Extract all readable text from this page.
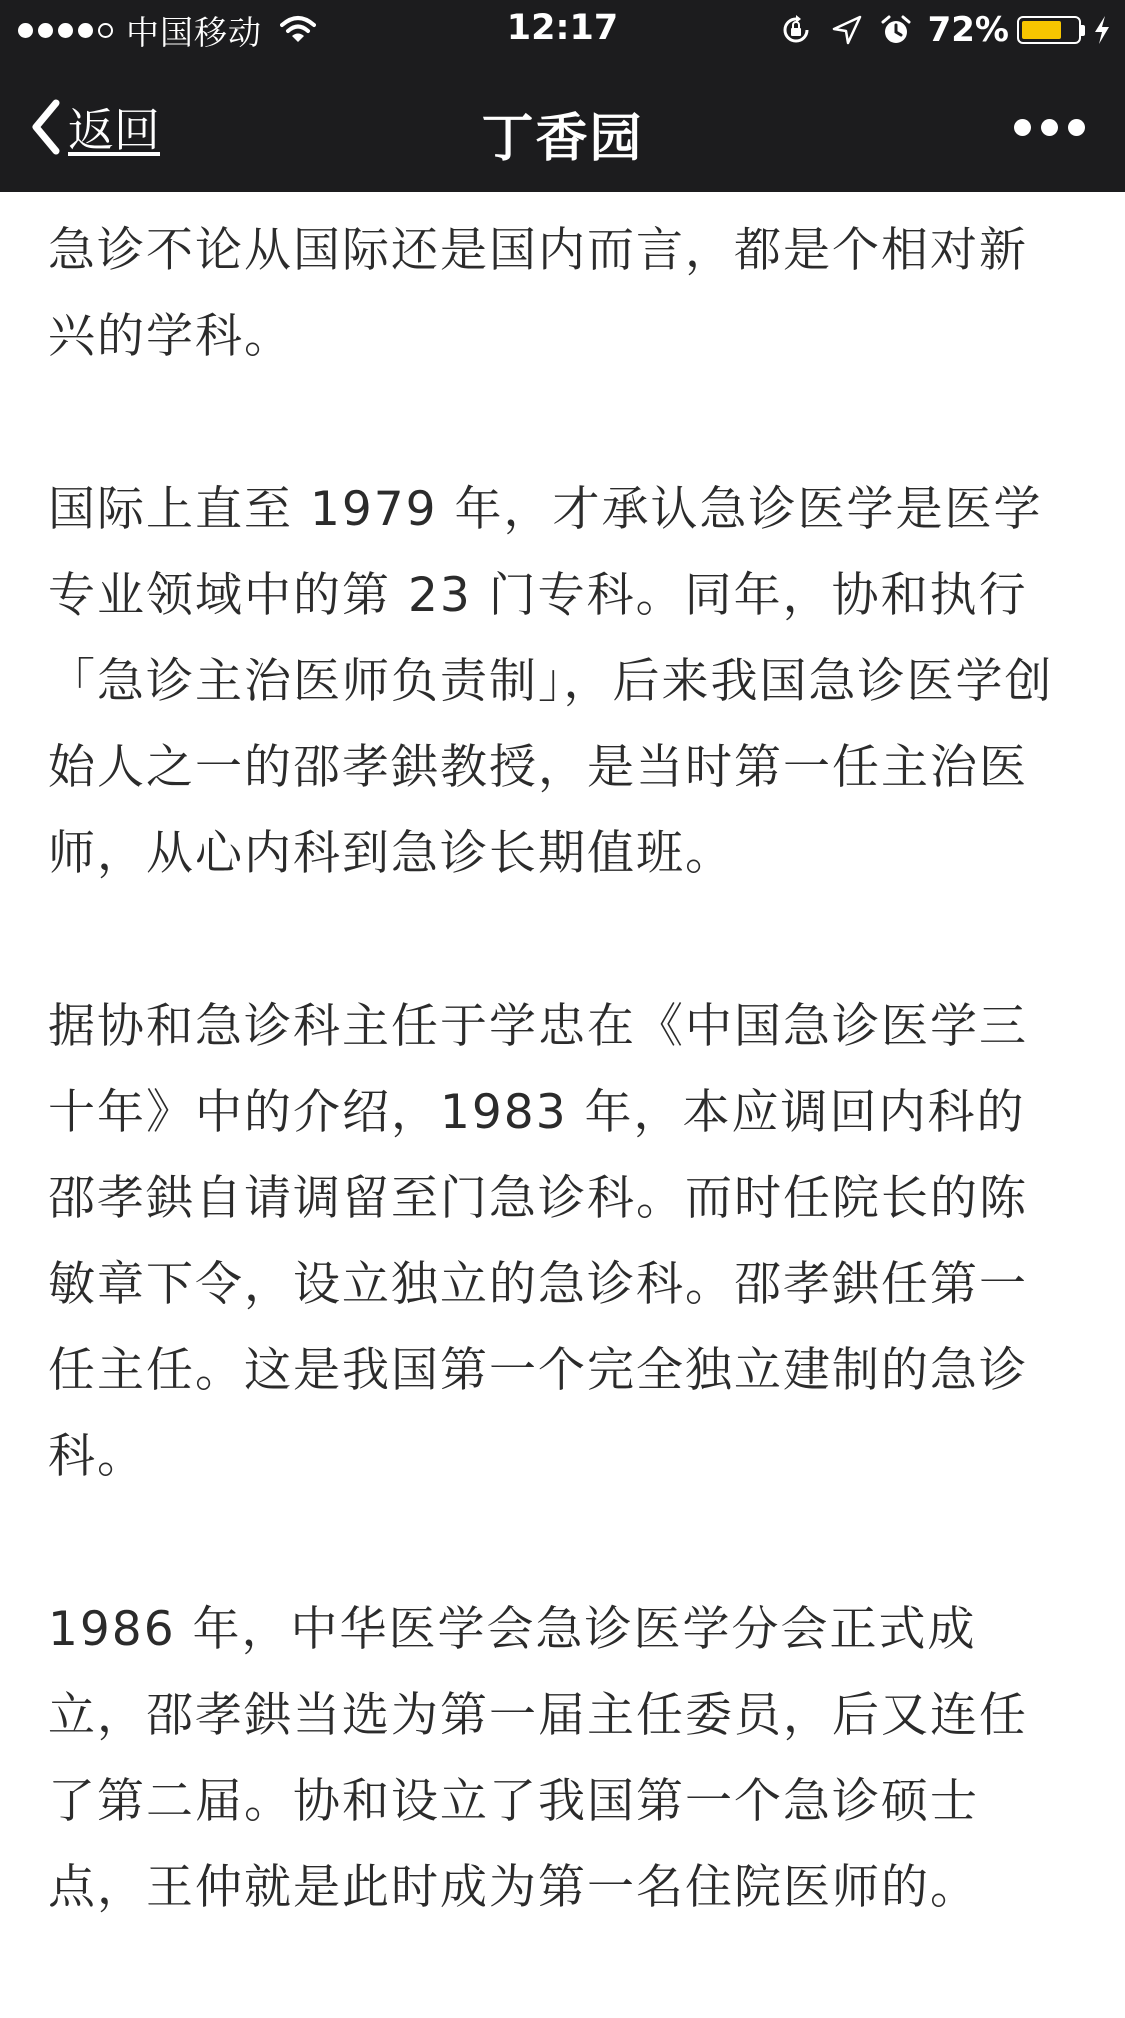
中国移动	12:17	72%
返回	丁香园

急诊不论从国际还是国内而言，都是个相对新兴的学科。

国际上直至 1979 年，才承认急诊医学是医学专业领域中的第 23 门专科。同年，协和执行「急诊主治医师负责制」，后来我国急诊医学创始人之一的邵孝鉷教授，是当时第一任主治医师，从心内科到急诊长期值班。

据协和急诊科主任于学忠在《中国急诊医学三十年》中的介绍，1983 年，本应调回内科的邵孝鉷自请调留至门急诊科。而时任院长的陈敏章下令，设立独立的急诊科。邵孝鉷任第一任主任。这是我国第一个完全独立建制的急诊科。

1986 年，中华医学会急诊医学分会正式成立，邵孝鉷当选为第一届主任委员，后又连任了第二届。协和设立了我国第一个急诊硕士点，王仲就是此时成为第一名住院医师的。
